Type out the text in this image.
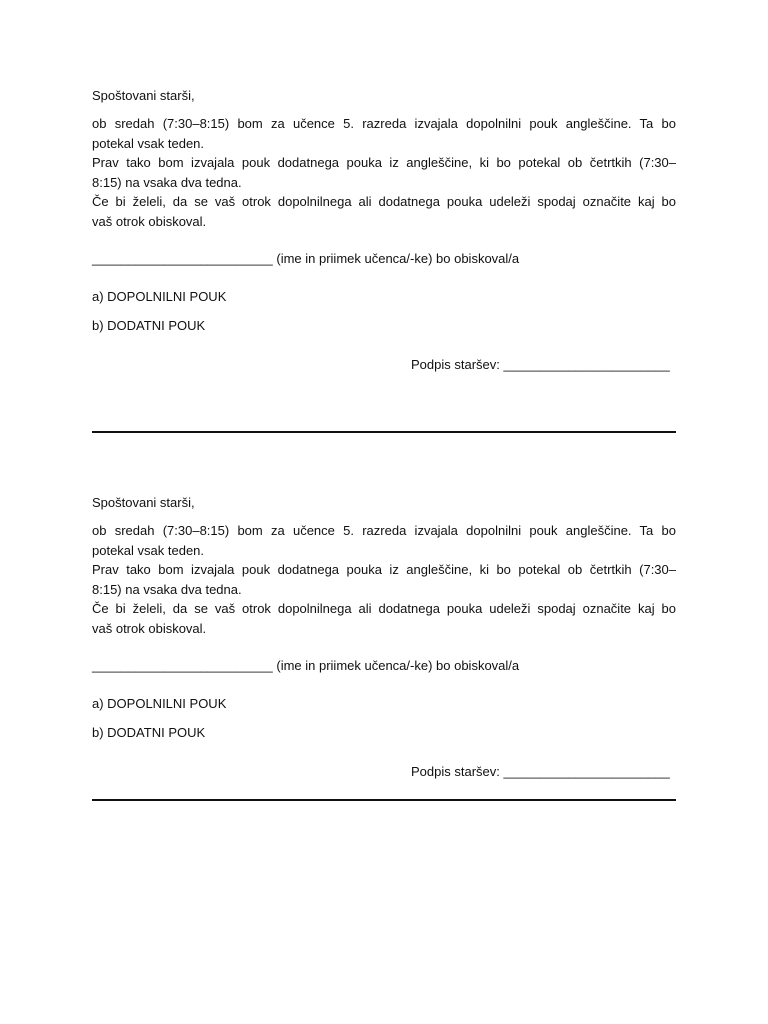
Spoštovani starši,

ob sredah (7:30–8:15) bom za učence 5. razreda izvajala dopolnilni pouk angleščine. Ta bo
potekal vsak teden.
Prav tako bom izvajala pouk dodatnega pouka iz angleščine, ki bo potekal ob četrtkih (7:30–
8:15) na vsaka dva tedna.
Če bi želeli, da se vaš otrok dopolnilnega ali dodatnega pouka udeleži spodaj označite kaj bo
vaš otrok obiskoval.

_________________________ (ime in priimek učenca/-ke) bo obiskoval/a
a) DOPOLNILNI POUK
b) DODATNI POUK
Podpis staršev: _______________________
Spoštovani starši,

ob sredah (7:30–8:15) bom za učence 5. razreda izvajala dopolnilni pouk angleščine. Ta bo
potekal vsak teden.
Prav tako bom izvajala pouk dodatnega pouka iz angleščine, ki bo potekal ob četrtkih (7:30–
8:15) na vsaka dva tedna.
Če bi želeli, da se vaš otrok dopolnilnega ali dodatnega pouka udeleži spodaj označite kaj bo
vaš otrok obiskoval.

_________________________ (ime in priimek učenca/-ke) bo obiskoval/a
a) DOPOLNILNI POUK
b) DODATNI POUK
Podpis staršev: _______________________
